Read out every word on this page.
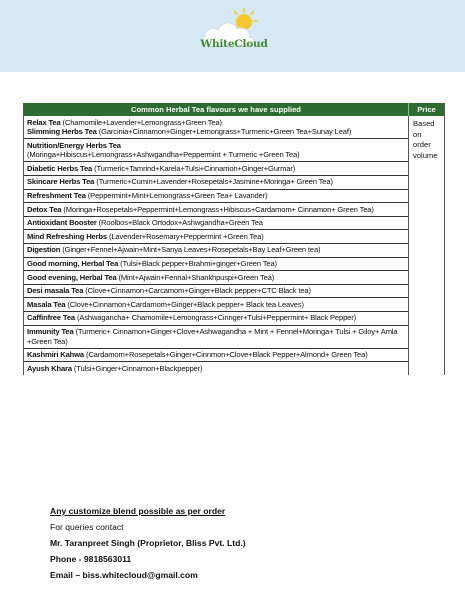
WhiteCloud
Common Herbal Tea flavours we have supplied	Price
Relax Tea (Chamomile+Lavender+Lemongrass+Green Tea)
Slimming Herbs Tea (Garcinia+Cinnamon+Ginger+Lemongrass+Turmeric+Green Tea+Sunay Leaf)
Nutrition/Energy Herbs Tea
(Moringa+Hibiscus+Lemongrass+Ashwgandha+Peppermint + Turmeric +Green Tea)
Diabetic Herbs Tea (Turmeric+Tamrind+Karela+Tulsi+Cinnamon+Ginger+Gurmar)
Skincare Herbs Tea (Turmeric+Cumin+Lavender+Rosepetals+Jasmine+Moringa+ Green Tea)
Refreshment Tea (Peppermint+Mint+Lemongrass+Green Tea+ Lavander)
Detox Tea (Moringa+Rosepetals+Peppermint+Lemongrass+Hibiscus+Cardamom+ Cinnamon+ Green Tea)
Antioxidant Booster (Roolbos+Black Ortodox+Ashwgandha+Green Tea
Mind Refreshing Herbs (Lavender+Rosemary+Peppermint +Green Tea)
Digestion (Ginger+Fennel+Ajwain+Mint+Sanya Leaves+Rosepetals+Bay Leaf+Green tea)
Good morning, Herbal Tea (Tulsi+Black pepper+Brahmi+ginger+Green Tea)
Good evening, Herbal Tea (Mint+Ajwain+Fennal+Shankhpuspi+Green Tea)
Desi masala Tea (Clove+Cinnamon+Carcamom+Ginger+Black pepper+CTC Black tea)
Masala Tea (Clove+Cinnamon+Cardamom+Ginger+Black pepper+ Black tea Leaves)
Caffinfree Tea (Ashwagancha+ Chamomile+Lemongrass+Cinnger+Tulsi+Peppermint+ Black Pepper)
Immunity Tea (Turmeric+ Cinnamon+Ginger+Clove+Ashwagandha + Mint + Fennel+Moringa+ Tulsi + Giloy+ Amla +Green Tea)
Kashmiri Kahwa (Cardamom+Rosepetals+Ginger+Cinnmon+Clove+Black Pepper+Almond+ Green Tea)
Ayush Khara (Tulsi+Ginger+Cinnamon+Blackpepper)
Based
on
order
volume
Any customize blend possible as per order
For queries contact
Mr. Taranpreet Singh (Proprietor, Bliss Pvt. Ltd.)
Phone - 9818563011
Email – biss.whitecloud@gmail.com
